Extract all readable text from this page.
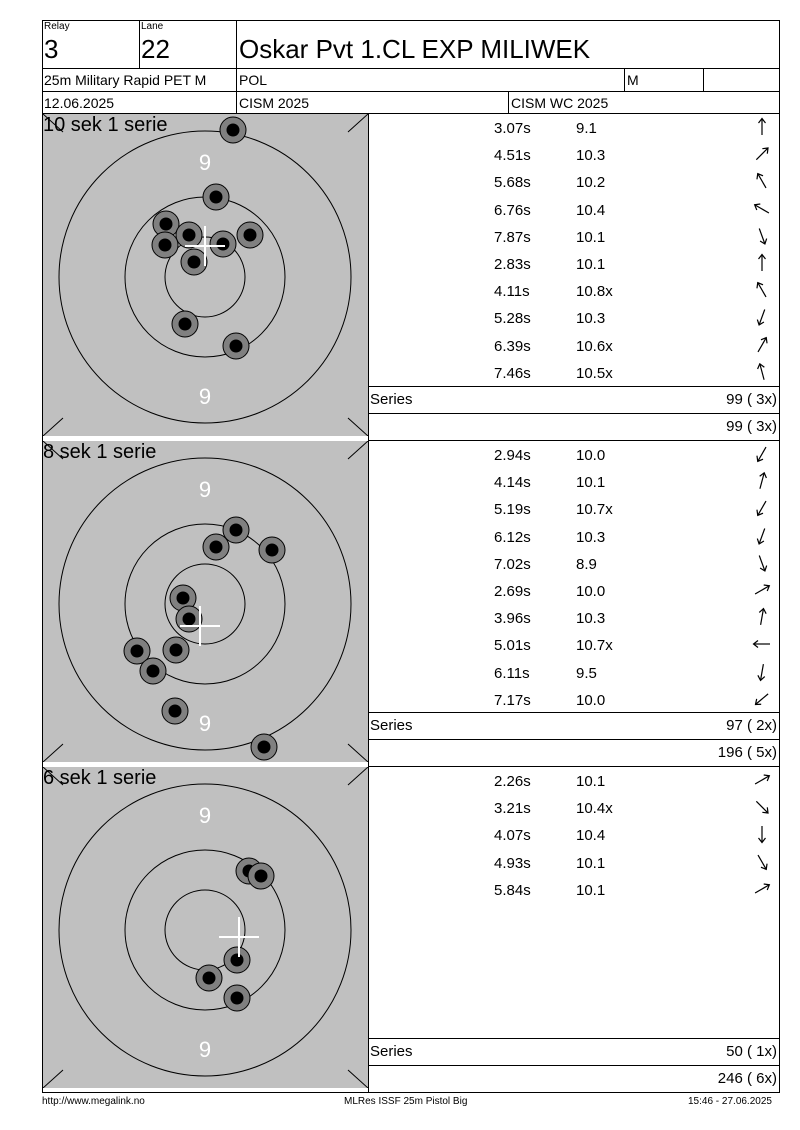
Relay
3
Lane
22	Oskar Pvt 1.CL EXP MILIWEK
25m Military Rapid PET M POL	M
12.06.2025	CISM 2025	CISM WC 2025
9
9
10 sek 1 serie	3.07s	9.1
4.51s	10.3
5.68s	10.2
6.76s	10.4
7.87s	10.1
2.83s	10.1
4.11s	10.8x
5.28s	10.3
6.39s	10.6x
7.46s	10.5x
Series	99 ( 3x)
99 ( 3x)
9
9
8 sek 1 serie	2.94s	10.0
4.14s	10.1
5.19s	10.7x
6.12s	10.3
7.02s	8.9
2.69s	10.0
3.96s	10.3
5.01s	10.7x
6.11s	9.5
7.17s	10.0
Series	97 ( 2x)
196 ( 5x)
9
9
6 sek 1 serie	2.26s	10.1
3.21s	10.4x
4.07s	10.4
4.93s	10.1
5.84s	10.1
Series	50 ( 1x)
246 ( 6x)
http://www.megalink.no	MLRes ISSF 25m Pistol Big	15:46 - 27.06.2025
